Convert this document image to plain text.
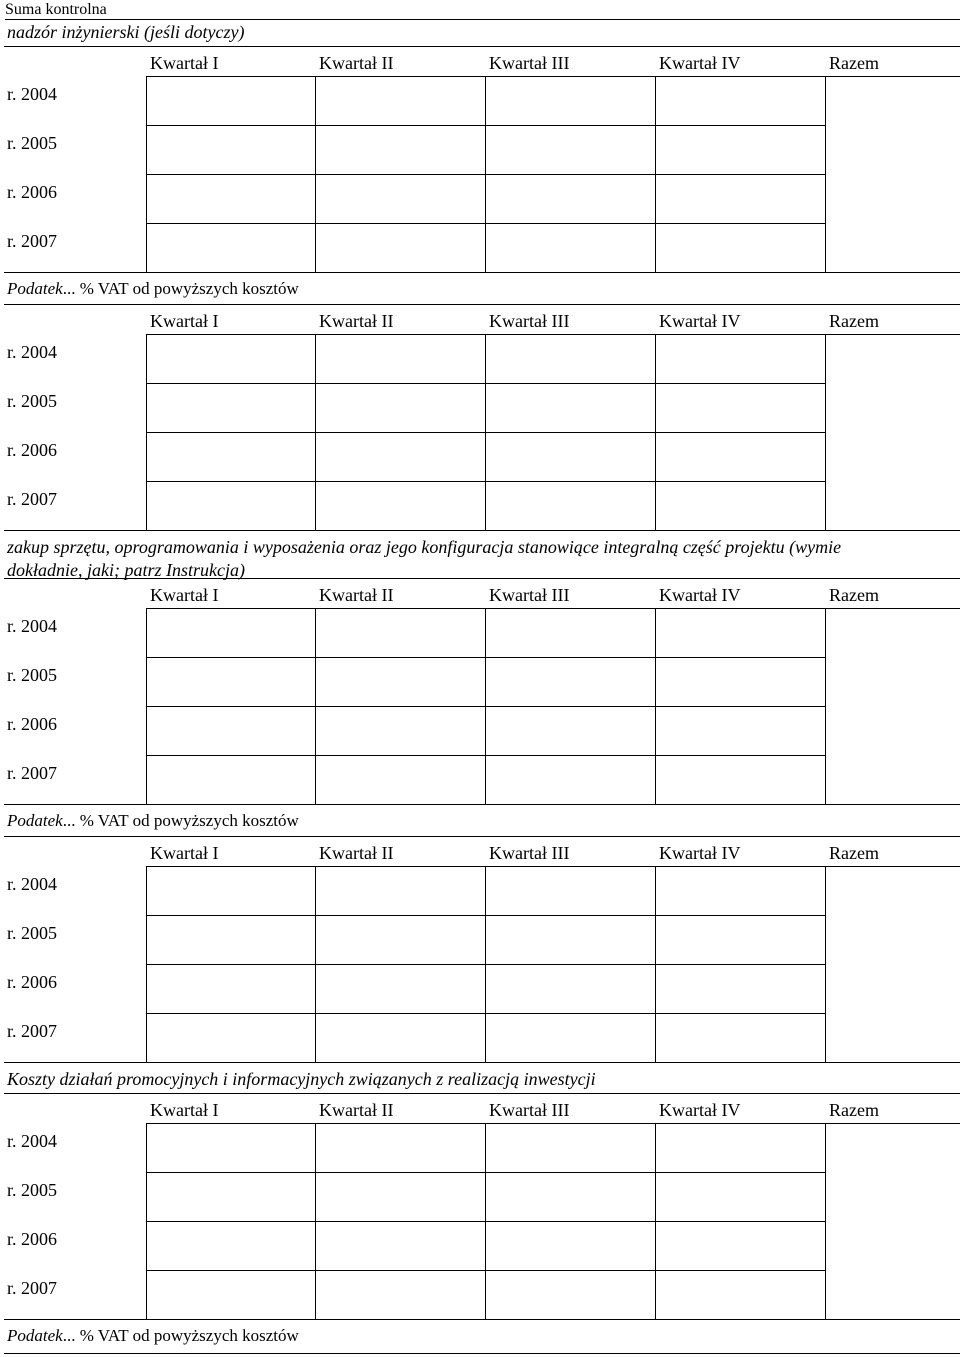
Suma kontrolna
nadzór inżynierski (jeśli dotyczy)
Kwartał I	Kwartał II	Kwartał III	Kwartał IV	Razem
r. 2004
r. 2005
r. 2006
r. 2007
Podatek... % VAT od powyższych kosztów
Kwartał I	Kwartał II	Kwartał III	Kwartał IV	Razem
r. 2004
r. 2005
r. 2006
r. 2007
zakup sprzętu, oprogramowania i wyposażenia oraz jego konfiguracja stanowiące integralną część projektu (wymie
dokładnie, jaki; patrz Instrukcja)
Kwartał I	Kwartał II	Kwartał III	Kwartał IV	Razem
r. 2004
r. 2005
r. 2006
r. 2007
Podatek... % VAT od powyższych kosztów
Kwartał I	Kwartał II	Kwartał III	Kwartał IV	Razem
r. 2004
r. 2005
r. 2006
r. 2007
Koszty działań promocyjnych i informacyjnych związanych z realizacją inwestycji
Kwartał I	Kwartał II	Kwartał III	Kwartał IV	Razem
r. 2004
r. 2005
r. 2006
r. 2007
Podatek... % VAT od powyższych kosztów
